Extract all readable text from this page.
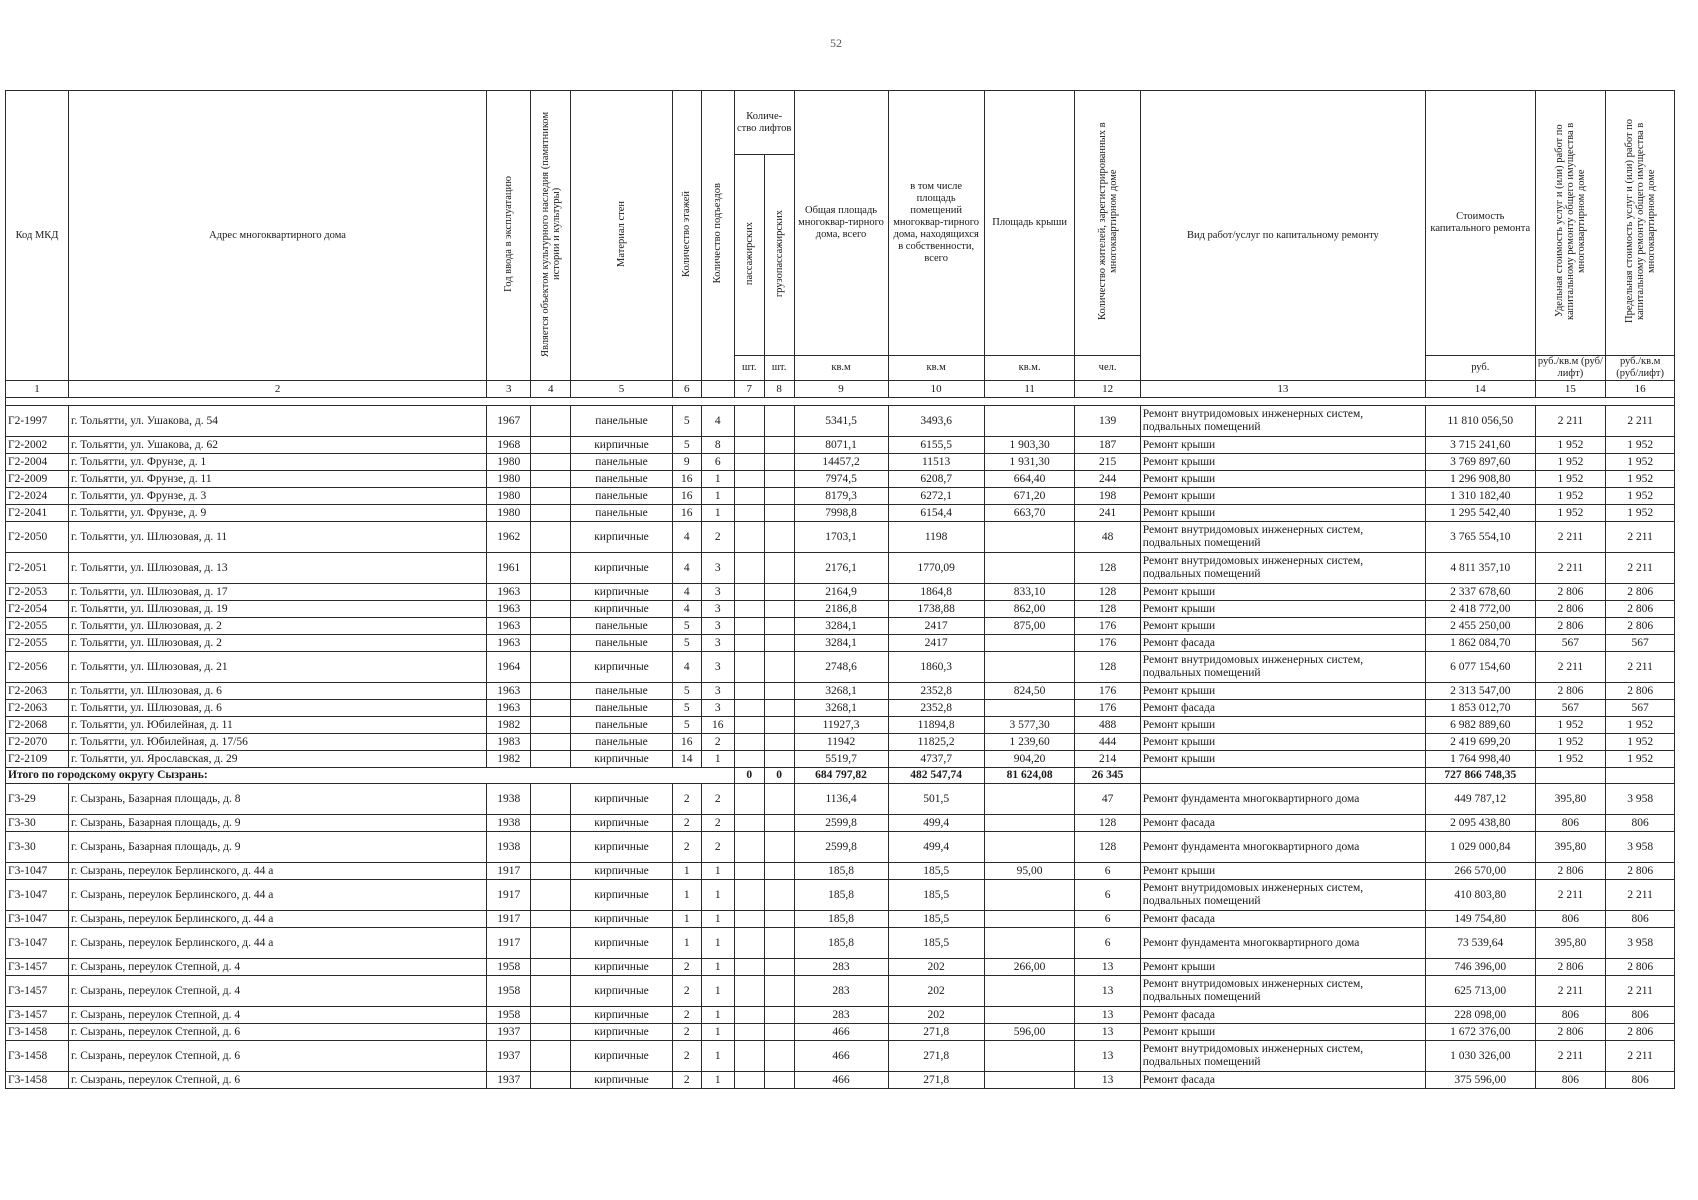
52
Код МКД	Адрес многоквартирного дома	Год ввода в эксплуатацию	Является объектом культурного наследия (памятником истории и культуры)	Материал стен	Количество этажей	Количество подъездов	Количе-ство лифтов		Общая площадь многоквар-тирного дома, всего	в том числе площадь помещений многоквар-тирного дома, находящихся в собственности, всего	Площадь крыши	Количество жителей, зарегистрированных в многоквартирном доме	Вид работ/услуг по капитальному ремонту	Стоимость капитального ремонта	Удельная стоимость услуг и (или) работ по капитальному ремонту общего имущества в многоквартирном доме	Предельная стоимость услуг и (или) работ по капитальному ремонту общего имущества в многоквартирном доме
							пассажирских	грузопассажирских								
							шт.	шт.	кв.м	кв.м	кв.м.	чел.		руб.	руб./кв.м (руб/лифт)	руб./кв.м (руб/лифт)
1	2	3	4	5	6		7	8	9	10	11	12	13	14	15	16

Г2-1997	г. Тольятти, ул. Ушакова, д. 54	1967		панельные	5	4			5341,5	3493,6		139	Ремонт внутридомовых инженерных систем, подвальных помещений	11 810 056,50	2 211	2 211
Г2-2002	г. Тольятти, ул. Ушакова, д. 62	1968		кирпичные	5	8			8071,1	6155,5	1 903,30	187	Ремонт крыши	3 715 241,60	1 952	1 952
Г2-2004	г. Тольятти, ул. Фрунзе, д. 1	1980		панельные	9	6			14457,2	11513	1 931,30	215	Ремонт крыши	3 769 897,60	1 952	1 952
Г2-2009	г. Тольятти, ул. Фрунзе, д. 11	1980		панельные	16	1			7974,5	6208,7	664,40	244	Ремонт крыши	1 296 908,80	1 952	1 952
Г2-2024	г. Тольятти, ул. Фрунзе, д. 3	1980		панельные	16	1			8179,3	6272,1	671,20	198	Ремонт крыши	1 310 182,40	1 952	1 952
Г2-2041	г. Тольятти, ул. Фрунзе, д. 9	1980		панельные	16	1			7998,8	6154,4	663,70	241	Ремонт крыши	1 295 542,40	1 952	1 952
Г2-2050	г. Тольятти, ул. Шлюзовая, д. 11	1962		кирпичные	4	2			1703,1	1198		48	Ремонт внутридомовых инженерных систем, подвальных помещений	3 765 554,10	2 211	2 211
Г2-2051	г. Тольятти, ул. Шлюзовая, д. 13	1961		кирпичные	4	3			2176,1	1770,09		128	Ремонт внутридомовых инженерных систем, подвальных помещений	4 811 357,10	2 211	2 211
Г2-2053	г. Тольятти, ул. Шлюзовая, д. 17	1963		кирпичные	4	3			2164,9	1864,8	833,10	128	Ремонт крыши	2 337 678,60	2 806	2 806
Г2-2054	г. Тольятти, ул. Шлюзовая, д. 19	1963		кирпичные	4	3			2186,8	1738,88	862,00	128	Ремонт крыши	2 418 772,00	2 806	2 806
Г2-2055	г. Тольятти, ул. Шлюзовая, д. 2	1963		панельные	5	3			3284,1	2417	875,00	176	Ремонт крыши	2 455 250,00	2 806	2 806
Г2-2055	г. Тольятти, ул. Шлюзовая, д. 2	1963		панельные	5	3			3284,1	2417		176	Ремонт фасада	1 862 084,70	567	567
Г2-2056	г. Тольятти, ул. Шлюзовая, д. 21	1964		кирпичные	4	3			2748,6	1860,3		128	Ремонт внутридомовых инженерных систем, подвальных помещений	6 077 154,60	2 211	2 211
Г2-2063	г. Тольятти, ул. Шлюзовая, д. 6	1963		панельные	5	3			3268,1	2352,8	824,50	176	Ремонт крыши	2 313 547,00	2 806	2 806
Г2-2063	г. Тольятти, ул. Шлюзовая, д. 6	1963		панельные	5	3			3268,1	2352,8		176	Ремонт фасада	1 853 012,70	567	567
Г2-2068	г. Тольятти, ул. Юбилейная, д. 11	1982		панельные	5	16			11927,3	11894,8	3 577,30	488	Ремонт крыши	6 982 889,60	1 952	1 952
Г2-2070	г. Тольятти, ул. Юбилейная, д. 17/56	1983		панельные	16	2			11942	11825,2	1 239,60	444	Ремонт крыши	2 419 699,20	1 952	1 952
Г2-2109	г. Тольятти, ул. Ярославская, д. 29	1982		кирпичные	14	1			5519,7	4737,7	904,20	214	Ремонт крыши	1 764 998,40	1 952	1 952
Итого по городскому округу Сызрань:							0	0	684 797,82	482 547,74	81 624,08	26 345		727 866 748,35		
Г3-29	г. Сызрань, Базарная площадь, д. 8	1938		кирпичные	2	2			1136,4	501,5		47	Ремонт фундамента многоквартирного дома	449 787,12	395,80	3 958
Г3-30	г. Сызрань, Базарная площадь, д. 9	1938		кирпичные	2	2			2599,8	499,4		128	Ремонт фасада	2 095 438,80	806	806
Г3-30	г. Сызрань, Базарная площадь, д. 9	1938		кирпичные	2	2			2599,8	499,4		128	Ремонт фундамента многоквартирного дома	1 029 000,84	395,80	3 958
Г3-1047	г. Сызрань, переулок Берлинского, д. 44 а	1917		кирпичные	1	1			185,8	185,5	95,00	6	Ремонт крыши	266 570,00	2 806	2 806
Г3-1047	г. Сызрань, переулок Берлинского, д. 44 а	1917		кирпичные	1	1			185,8	185,5		6	Ремонт внутридомовых инженерных систем, подвальных помещений	410 803,80	2 211	2 211
Г3-1047	г. Сызрань, переулок Берлинского, д. 44 а	1917		кирпичные	1	1			185,8	185,5		6	Ремонт фасада	149 754,80	806	806
Г3-1047	г. Сызрань, переулок Берлинского, д. 44 а	1917		кирпичные	1	1			185,8	185,5		6	Ремонт фундамента многоквартирного дома	73 539,64	395,80	3 958
Г3-1457	г. Сызрань, переулок Степной, д. 4	1958		кирпичные	2	1			283	202	266,00	13	Ремонт крыши	746 396,00	2 806	2 806
Г3-1457	г. Сызрань, переулок Степной, д. 4	1958		кирпичные	2	1			283	202		13	Ремонт внутридомовых инженерных систем, подвальных помещений	625 713,00	2 211	2 211
Г3-1457	г. Сызрань, переулок Степной, д. 4	1958		кирпичные	2	1			283	202		13	Ремонт фасада	228 098,00	806	806
Г3-1458	г. Сызрань, переулок Степной, д. 6	1937		кирпичные	2	1			466	271,8	596,00	13	Ремонт крыши	1 672 376,00	2 806	2 806
Г3-1458	г. Сызрань, переулок Степной, д. 6	1937		кирпичные	2	1			466	271,8		13	Ремонт внутридомовых инженерных систем, подвальных помещений	1 030 326,00	2 211	2 211
Г3-1458	г. Сызрань, переулок Степной, д. 6	1937		кирпичные	2	1			466	271,8		13	Ремонт фасада	375 596,00	806	806
